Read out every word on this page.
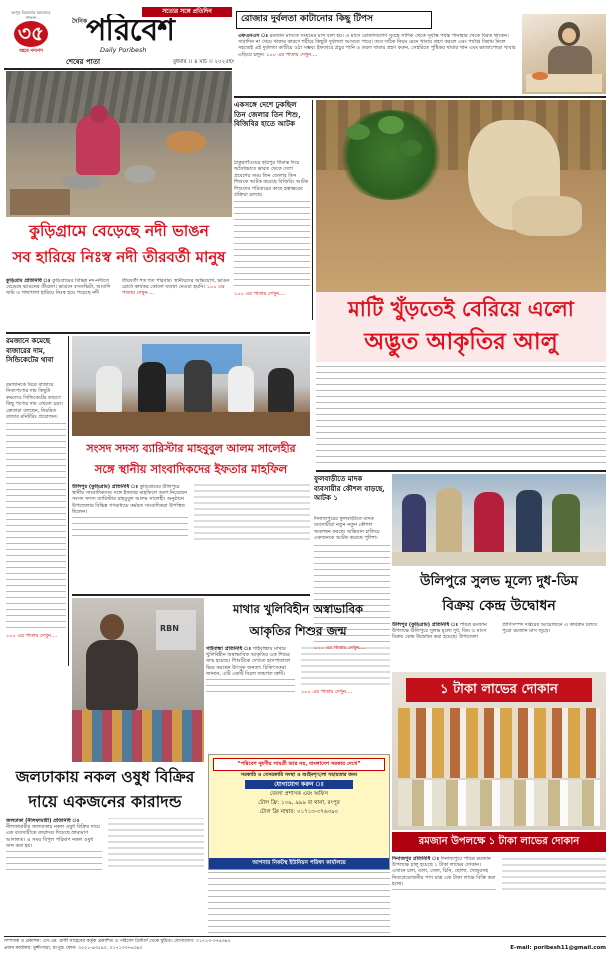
রংপুর বিভাগের আমাদের সাফল্য
৩৫
বছরে পদার্পণ
সত্যের সঙ্গে প্রতিদিন
দৈনিক
পরিবেশ
Daily Poribesh
শেষের পাতা	বুধবার ।। ৪ মার্চ ।। ২০২৫ইং
রোজার দুর্বলতা কাটানোর কিছু টিপস
এফএনএস ঃ রমজান মাসকে সংযমের মাস বলা হয়। এ মাসে রোজাদারগণ সুবহে সাদিক থেকে সূর্যাস্ত পর্যন্ত পানাহার থেকে বিরত থাকেন। সারাদিন না খেয়ে থাকার কারণে শরীরে কিছুটা দুর্বলতা আসতে পারে। তবে সঠিক নিয়ম মেনে খাবার গ্রহণ করলে এবং পর্যাপ্ত বিশ্রাম নিলে সহজেই এই দুর্বলতা কাটিয়ে ওঠা সম্ভব। ইফতারে প্রচুর পানি ও তরল খাবার গ্রহণ করুন, সেহরিতে পুষ্টিকর খাবার খান এবং ভাজাপোড়া খাবার এড়িয়ে চলুন। ১০০ এর পাতায় দেখুন....
একসঙ্গে দেশে ঢুকছিল তিন জেলার তিন শিশু, বিজিবির হাতে আটক
ঠাকুরগাঁওয়ের হরিপুর সীমান্ত দিয়ে অবৈধভাবে ভারত থেকে দেশে প্রবেশের সময় তিন জেলার তিন শিশুকে আটক করেছে বিজিবি। আটক শিশুদের পরিবারের কাছে হস্তান্তরের প্রক্রিয়া চলছে।
১০০ এর পাতায় দেখুন....
মাটি খুঁড়তেই বেরিয়ে এলো
অদ্ভুত আকৃতির আলু
কুড়িগ্রামে বেড়েছে নদী ভাঙন
সব হারিয়ে নিঃস্ব নদী তীরবর্তী মানুষ
কুড়িগ্রাম প্রতিনিধি ঃ কুড়িগ্রামের বিভিন্ন নদ-নদীতে বেড়েছে ভাঙনের তীব্রতা। ভাঙনে বসতভিটা, আবাদি জমি ও গাছপালা হারিয়ে নিঃস্ব হয়ে পড়েছে নদী তীরবর্তী শত শত পরিবার। স্থানীয়দের অভিযোগ, ভাঙন রোধে কার্যকর কোনো ব্যবস্থা নেওয়া হয়নি। ১০০ এর পাতায় দেখুন....
রমজানে কমেছে বাজারের দাম, সিন্ডিকেটের থাবা
রমজানকে ঘিরে বাজারে নিত্যপণ্যের দাম কিছুটা কমলেও সিন্ডিকেটের কারণে কিছু পণ্যের দাম এখনো চড়া। ক্রেতারা বলছেন, নিয়মিত বাজার মনিটরিং প্রয়োজন।
১০০ এর পাতায় দেখুন....
সংসদ সদস্য ব্যারিস্টার মাহবুবুল আলম সালেহীর
সঙ্গে স্থানীয় সাংবাদিকদের ইফতার মাহফিল
উলিপুর (কুড়িগ্রাম) প্রতিনিধি ঃ কুড়িগ্রামের উলিপুরে স্থানীয় সাংবাদিকদের সঙ্গে ইফতার মাহফিলে অংশ নিয়েছেন সংসদ সদস্য ব্যারিস্টার মাহবুবুল আলম সালেহী। অনুষ্ঠানে উপজেলার বিভিন্ন গণমাধ্যমে কর্মরত সাংবাদিকরা উপস্থিত ছিলেন।
ফুলবাড়ীতে মাদক ব্যবসায়ীর কৌশল বাড়ছে, আটক ১
দিনাজপুরের ফুলবাড়ীতে মাদক ব্যবসায়ীরা নতুন নতুন কৌশল অবলম্বন করছে। অভিযান চালিয়ে একজনকে আটক করেছে পুলিশ।
১০০ এর পাতায় দেখুন....
উলিপুরে সুলভ মূল্যে দুধ-ডিম
বিক্রয় কেন্দ্র উদ্বোধন
উলিপুর (কুড়িগ্রাম) প্রতিনিধি ঃ পবিত্র রমজান উপলক্ষে উলিপুরে সুলভ মূল্যে দুধ, ডিম ও মাংস বিক্রয় কেন্দ্র উদ্বোধন করা হয়েছে। উপজেলা প্রাণিসম্পদ দপ্তরের আয়োজনে এ কার্যক্রম চলবে পুরো রমজান মাস জুড়ে।
মাথার খুলিবিহীন অস্বাভাবিক
আকৃতির শিশুর জন্ম
গাইবান্ধা প্রতিনিধি ঃ গাইবান্ধায় মাথার খুলিবিহীন অস্বাভাবিক আকৃতির এক শিশুর জন্ম হয়েছে। শিশুটিকে দেখতে হাসপাতালে ভিড় করছেন উৎসুক জনতা। চিকিৎসকরা জানান, এটি একটি বিরল জন্মগত ত্রুটি।
১০০ এর পাতায় দেখুন....
RBN
জলঢাকায় নকল ওষুধ বিক্রির
দায়ে একজনের কারাদন্ড
জলঢাকা (নীলফামারী) প্রতিনিধি ঃ নীলফামারীর জলঢাকায় নকল ওষুধ বিক্রির দায়ে এক ব্যবসায়ীকে কারাদণ্ড দিয়েছে ভ্রাম্যমাণ আদালত। এ সময় বিপুল পরিমাণ নকল ওষুধ জব্দ করা হয়।
“পরিবেশ দূষণীয় সামগ্রী আর নয়, বাংলাদেশ সরকার দেখে”
সরকারি ও বেসরকারি সংস্থা ও আইনশৃঙ্খলা সহায়তার জন্য
যোগাযোগ করুন ঃ
জেলা প্রশাসক এবং অফিস
টোল ফ্রি: ১০৯, ৯৯৯ বা থানা, রংপুর
টোল ফ্রি নাম্বার: ০১৭১৩-৩৭৬৩৯০
আপনার নিকটস্থ ইউনিয়ন পরিষদ কার্যালয়ে
১ টাকা লাভের দোকান
রমজান উপলক্ষে ১ টাকা লাভের দোকান
দিনাজপুর প্রতিনিধি ঃ দিনাজপুরে পবিত্র রমজান উপলক্ষে চালু হয়েছে ১ টাকা লাভের দোকান। এখানে চাল, ডাল, তেল, চিনি, ছোলা, খেজুরসহ নিত্যপ্রয়োজনীয় পণ্য মাত্র এক টাকা লাভে বিক্রি করা হচ্ছে।
সম্পাদক ও প্রকাশক: এস.এম. রাফী সাহেবের কর্তৃক প্রকাশিত ও পরিবেশ প্রিন্টার্স থেকে মুদ্রিত। যোগাযোগ: ০১৭১৩-৩৭৬৩৯০
প্রধান কার্যালয়: মুন্সীপাড়া, রংপুর। ফোন: ০৫২১-৬৩৫৯০, ০১৭১৩৩৭৬৩৯০	E-mail: poribesh11@gmail.com
